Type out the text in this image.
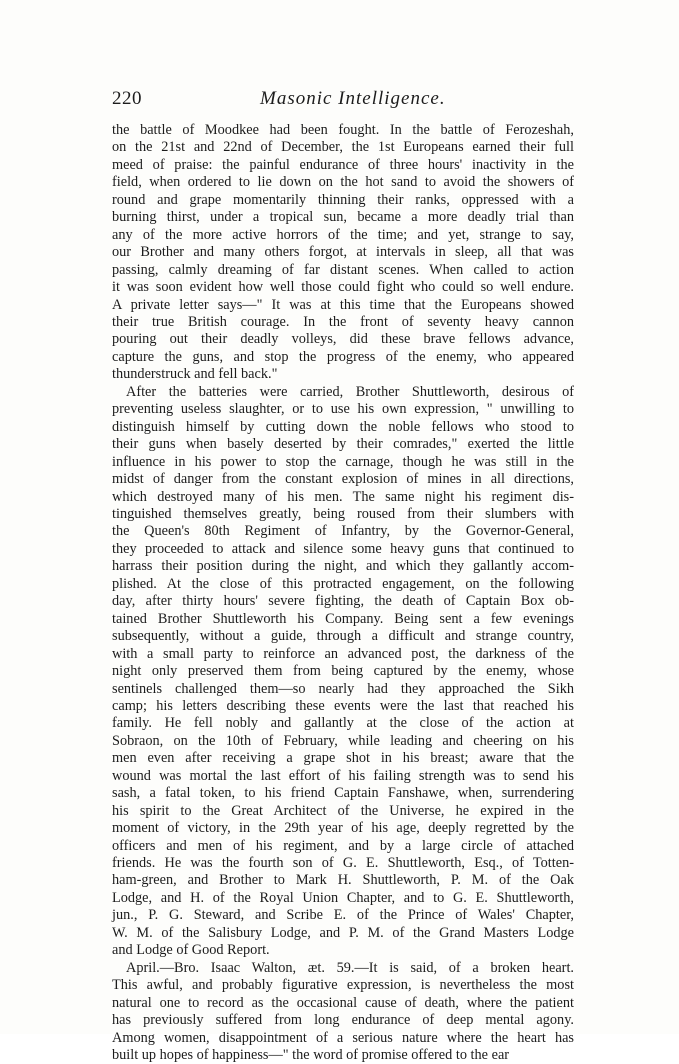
220	Masonic Intelligence.

the battle of Moodkee had been fought. In the battle of Ferozeshah,
on the 21st and 22nd of December, the 1st Europeans earned their full
meed of praise: the painful endurance of three hours' inactivity in the
field, when ordered to lie down on the hot sand to avoid the showers of
round and grape momentarily thinning their ranks, oppressed with a
burning thirst, under a tropical sun, became a more deadly trial than
any of the more active horrors of the time; and yet, strange to say,
our Brother and many others forgot, at intervals in sleep, all that was
passing, calmly dreaming of far distant scenes. When called to action
it was soon evident how well those could fight who could so well endure.
A private letter says—" It was at this time that the Europeans showed
their true British courage. In the front of seventy heavy cannon
pouring out their deadly volleys, did these brave fellows advance,
capture the guns, and stop the progress of the enemy, who appeared
thunderstruck and fell back."

After the batteries were carried, Brother Shuttleworth, desirous of
preventing useless slaughter, or to use his own expression, " unwilling to
distinguish himself by cutting down the noble fellows who stood to
their guns when basely deserted by their comrades," exerted the little
influence in his power to stop the carnage, though he was still in the
midst of danger from the constant explosion of mines in all directions,
which destroyed many of his men. The same night his regiment dis-
tinguished themselves greatly, being roused from their slumbers with
the Queen's 80th Regiment of Infantry, by the Governor-General,
they proceeded to attack and silence some heavy guns that continued to
harrass their position during the night, and which they gallantly accom-
plished. At the close of this protracted engagement, on the following
day, after thirty hours' severe fighting, the death of Captain Box ob-
tained Brother Shuttleworth his Company. Being sent a few evenings
subsequently, without a guide, through a difficult and strange country,
with a small party to reinforce an advanced post, the darkness of the
night only preserved them from being captured by the enemy, whose
sentinels challenged them—so nearly had they approached the Sikh
camp; his letters describing these events were the last that reached his
family. He fell nobly and gallantly at the close of the action at
Sobraon, on the 10th of February, while leading and cheering on his
men even after receiving a grape shot in his breast; aware that the
wound was mortal the last effort of his failing strength was to send his
sash, a fatal token, to his friend Captain Fanshawe, when, surrendering
his spirit to the Great Architect of the Universe, he expired in the
moment of victory, in the 29th year of his age, deeply regretted by the
officers and men of his regiment, and by a large circle of attached
friends. He was the fourth son of G. E. Shuttleworth, Esq., of Totten-
ham-green, and Brother to Mark H. Shuttleworth, P. M. of the Oak
Lodge, and H. of the Royal Union Chapter, and to G. E. Shuttleworth,
jun., P. G. Steward, and Scribe E. of the Prince of Wales' Chapter,
W. M. of the Salisbury Lodge, and P. M. of the Grand Masters Lodge
and Lodge of Good Report.

April.—Bro. Isaac Walton, æt. 59.—It is said, of a broken heart.
This awful, and probably figurative expression, is nevertheless the most
natural one to record as the occasional cause of death, where the patient
has previously suffered from long endurance of deep mental agony.
Among women, disappointment of a serious nature where the heart has
built up hopes of happiness—" the word of promise offered to the ear
